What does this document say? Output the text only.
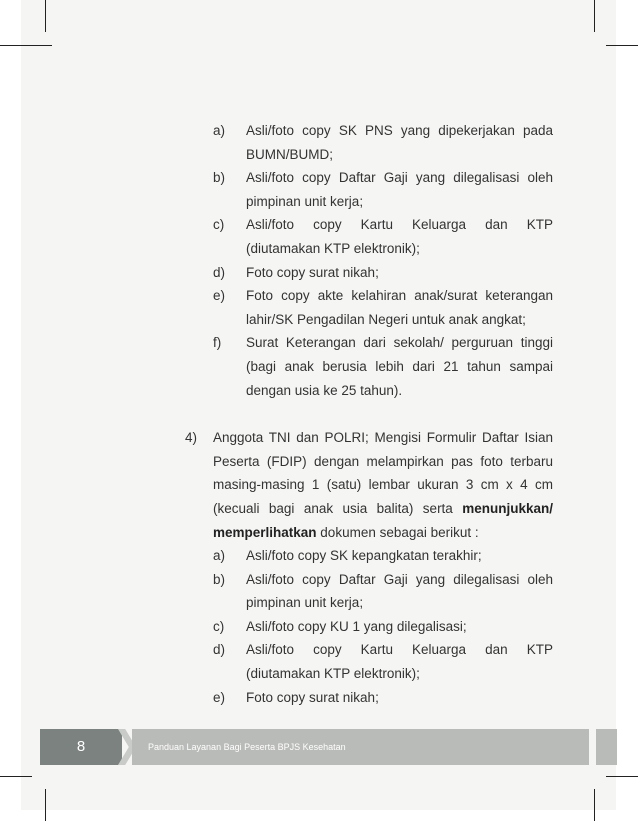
a)	Asli/foto copy SK PNS yang dipekerjakan pada BUMN/BUMD;
b)	Asli/foto copy Daftar Gaji yang dilegalisasi oleh pimpinan unit kerja;
c)	Asli/foto copy Kartu Keluarga dan KTP (diutamakan KTP elektronik);
d)	Foto copy surat nikah;
e)	Foto copy akte kelahiran anak/surat keterangan lahir/SK Pengadilan Negeri untuk anak angkat;
f)	Surat Keterangan dari sekolah/ perguruan tinggi (bagi anak berusia lebih dari 21 tahun sampai dengan usia ke 25 tahun).
4)	Anggota TNI dan POLRI; Mengisi Formulir Daftar Isian Peserta (FDIP) dengan melampirkan pas foto terbaru masing-masing 1 (satu) lembar ukuran 3 cm x 4 cm (kecuali bagi anak usia balita) serta menunjukkan/ memperlihatkan dokumen sebagai berikut :
a)	Asli/foto copy SK kepangkatan terakhir;
b)	Asli/foto copy Daftar Gaji yang dilegalisasi oleh pimpinan unit kerja;
c)	Asli/foto copy KU 1 yang dilegalisasi;
d)	Asli/foto copy Kartu Keluarga dan KTP (diutamakan KTP elektronik);
e)	Foto copy surat nikah;
8	Panduan Layanan Bagi Peserta BPJS Kesehatan
